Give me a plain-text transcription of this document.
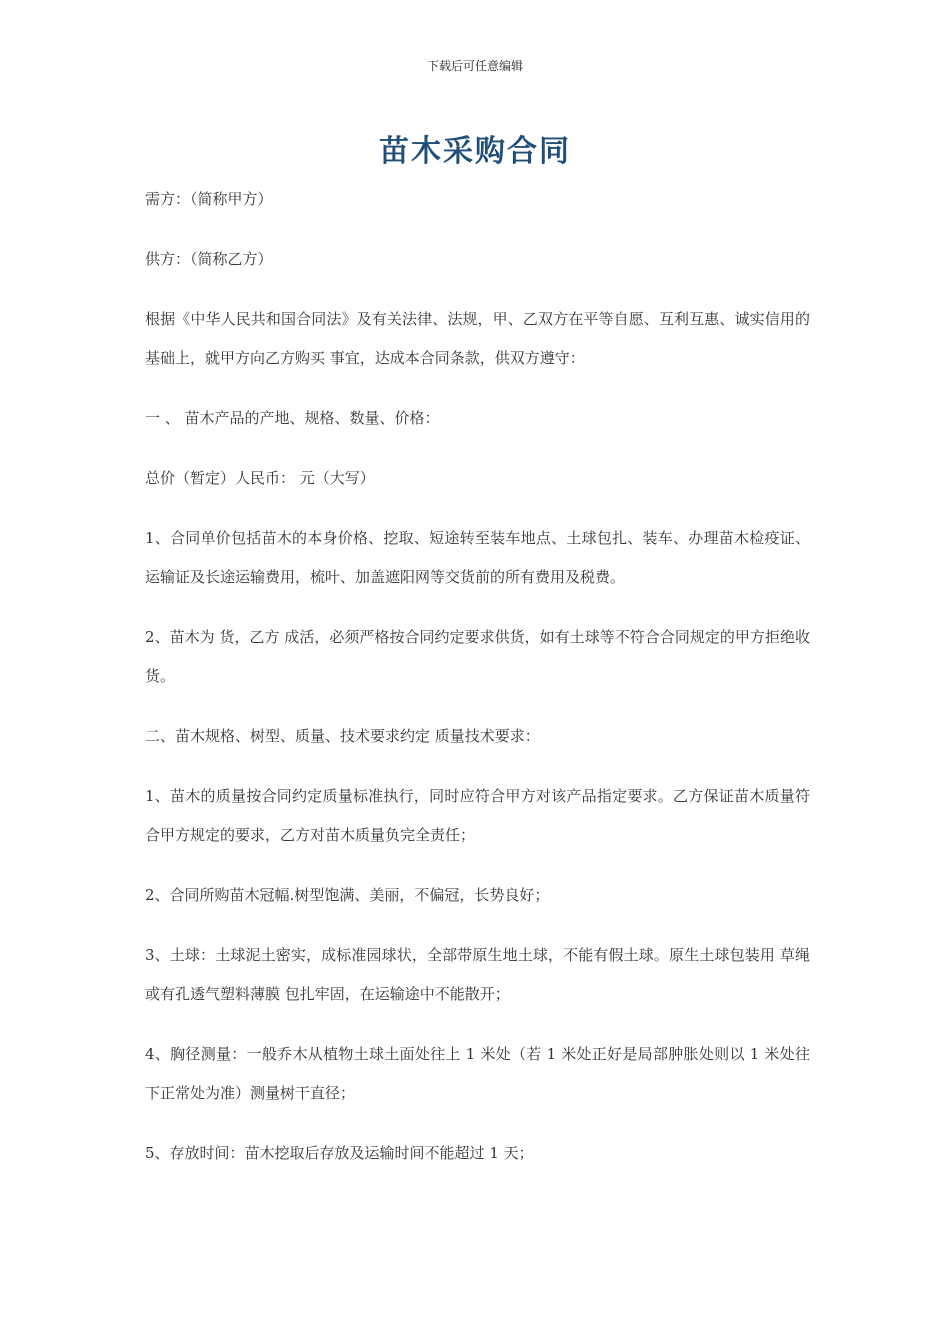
下载后可任意编辑
苗木采购合同

需方：（简称甲方）

供方：（简称乙方）

根据《中华人民共和国合同法》及有关法律、法规，甲、乙双方在平等自愿、互利互惠、诚实信用的基础上，就甲方向乙方购买 事宜，达成本合同条款，供双方遵守：

一 、 苗木产品的产地、规格、数量、价格：

总价（暂定）人民币： 元（大写）

1、合同单价包括苗木的本身价格、挖取、短途转至装车地点、土球包扎、装车、办理苗木检疫证、运输证及长途运输费用，梳叶、加盖遮阳网等交货前的所有费用及税费。

2、苗木为 货，乙方 成活，必须严格按合同约定要求供货，如有土球等不符合合同规定的甲方拒绝收货。

二、苗木规格、树型、质量、技术要求约定 质量技术要求：

1、苗木的质量按合同约定质量标准执行，同时应符合甲方对该产品指定要求。乙方保证苗木质量符合甲方规定的要求，乙方对苗木质量负完全责任；

2、合同所购苗木冠幅.树型饱满、美丽，不偏冠，长势良好；

3、土球：土球泥土密实，成标准园球状，全部带原生地土球，不能有假土球。原生土球包装用 草绳或有孔透气塑料薄膜 包扎牢固，在运输途中不能散开；

4、胸径测量：一般乔木从植物土球土面处往上 1 米处（若 1 米处正好是局部肿胀处则以 1 米处往下正常处为准）测量树干直径；

5、存放时间：苗木挖取后存放及运输时间不能超过 1 天；
